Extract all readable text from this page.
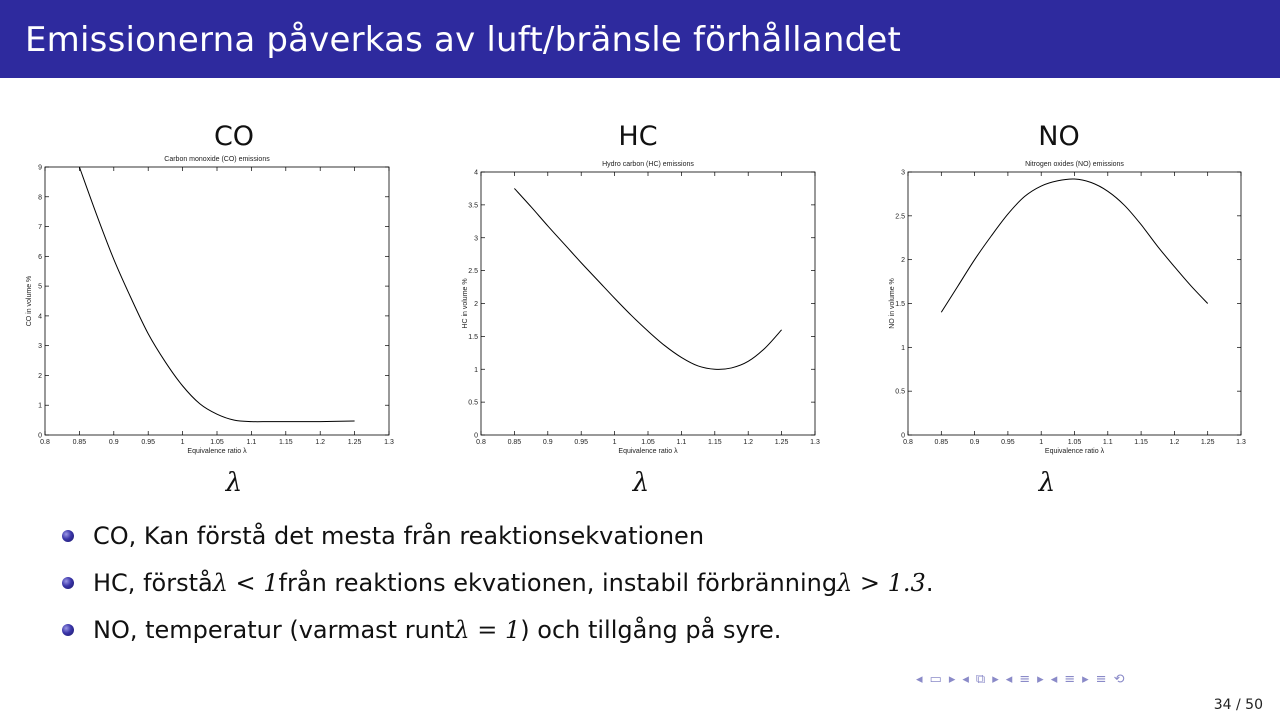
Emissionerna påverkas av luft/bränsle förhållandet
CO	HC	NO
Carbon monoxide (CO) emissions
0.8	0.85	0.9	0.95	1	1.05	1.1	1.15	1.2	1.25	1.3
0
1
2
3
4
5
6
7
8
9
Equivalence ratio λ
CO in volume %
Hydro carbon (HC) emissions
0.8	0.85	0.9	0.95	1	1.05	1.1	1.15	1.2	1.25	1.3
0
0.5
1
1.5
2
2.5
3
3.5
4
Equivalence ratio λ
HC in volume %
Nitrogen oxides (NO) emissions
0.8	0.85	0.9	0.95	1	1.05	1.1	1.15	1.2	1.25	1.3
0
0.5
1
1.5
2
2.5
3
Equivalence ratio λ
NO in volume %
λ	λ	λ
CO, Kan förstå det mesta från reaktionsekvationen
HC, förstå λ < 1 från reaktions ekvationen, instabil förbränning λ > 1.3 .
NO, temperatur (varmast runt λ = 1 ) och tillgång på syre.
◂ ▭ ▸ ◂ ⧉ ▸ ◂ ≡ ▸ ◂ ≡ ▸ ≡ ⟲
34 / 50
